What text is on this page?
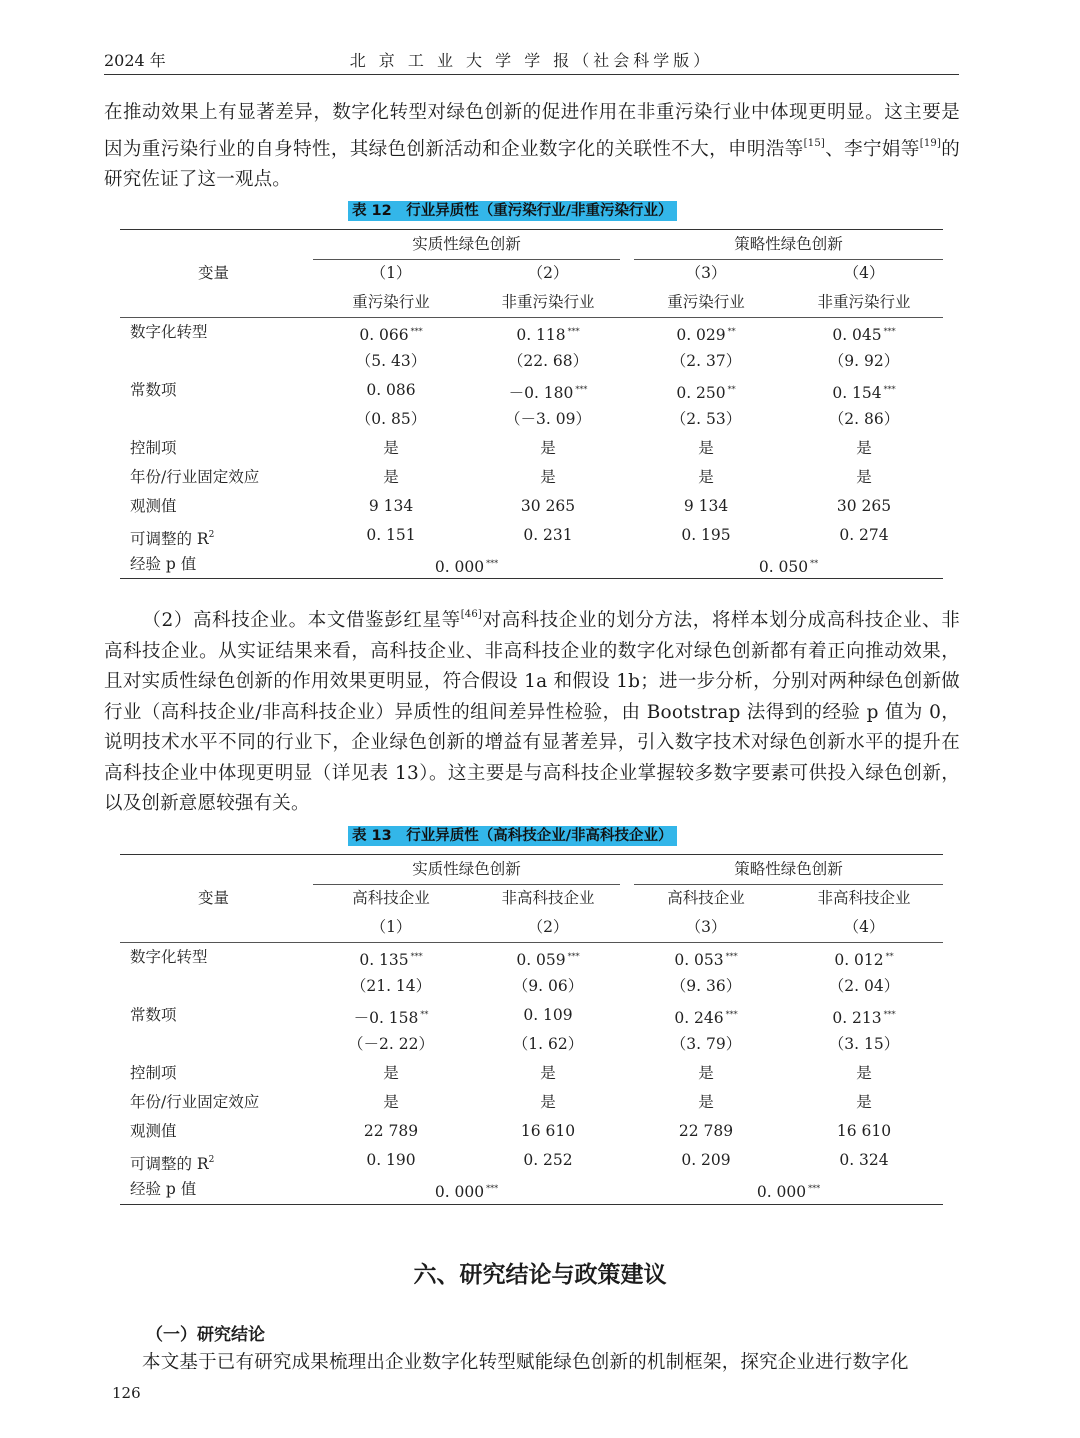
2024 年	北 京 工 业 大 学 学 报（社会科学版）
在推动效果上有显著差异，数字化转型对绿色创新的促进作用在非重污染行业中体现更明显。这主要是因为重污染行业的自身特性，其绿色创新活动和企业数字化的关联性不大，申明浩等[15]、李宁娟等[19]的研究佐证了这一观点。
表 12　行业异质性（重污染行业/非重污染行业）
实质性绿色创新	策略性绿色创新
变量	（1）	（2）	（3）	（4）
重污染行业	非重污染行业	重污染行业	非重污染行业
经验 p 值	0. 000 ***	0. 050 **
数字化转型	0. 066 ***	0. 118 ***	0. 029 **	0. 045 ***
（5. 43）	（22. 68）	（2. 37）	（9. 92）
常数项	0. 086	－0. 180 ***	0. 250 **	0. 154 ***
（0. 85）	（－3. 09）	（2. 53）	（2. 86）
控制项	是	是	是	是
年份/行业固定效应	是	是	是	是
观测值	9 134	30 265	9 134	30 265
可调整的 $R^2$	0. 151	0. 231	0. 195	0. 274
（2）高科技企业。本文借鉴彭红星等[46]对高科技企业的划分方法，将样本划分成高科技企业、非高科技企业。从实证结果来看，高科技企业、非高科技企业的数字化对绿色创新都有着正向推动效果，且对实质性绿色创新的作用效果更明显，符合假设 1a 和假设 1b；进一步分析，分别对两种绿色创新做行业（高科技企业/非高科技企业）异质性的组间差异性检验，由 Bootstrap 法得到的经验 p 值为 0，说明技术水平不同的行业下，企业绿色创新的增益有显著差异，引入数字技术对绿色创新水平的提升在高科技企业中体现更明显（详见表 13）。这主要是与高科技企业掌握较多数字要素可供投入绿色创新，以及创新意愿较强有关。
表 13　行业异质性（高科技企业/非高科技企业）
实质性绿色创新	策略性绿色创新
变量	高科技企业	非高科技企业	高科技企业	非高科技企业
（1）	（2）	（3）	（4）
经验 p 值	0. 000 ***	0. 000 ***
数字化转型	0. 135 ***	0. 059 ***	0. 053 ***	0. 012 **
（21. 14）	（9. 06）	（9. 36）	（2. 04）
常数项	－0. 158 **	0. 109	0. 246 ***	0. 213 ***
（－2. 22）	（1. 62）	（3. 79）	（3. 15）
控制项	是	是	是	是
年份/行业固定效应	是	是	是	是
观测值	22 789	16 610	22 789	16 610
可调整的 $R^2$	0. 190	0. 252	0. 209	0. 324
六、研究结论与政策建议
（一）研究结论
本文基于已有研究成果梳理出企业数字化转型赋能绿色创新的机制框架，探究企业进行数字化
126
